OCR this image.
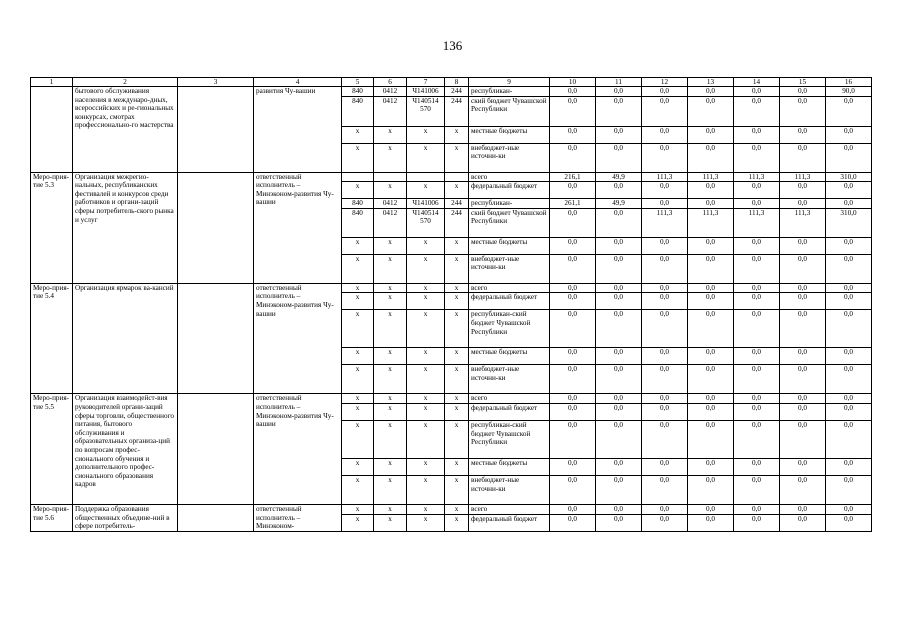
136
1	2	3	4	5	6	7	8	9	10	11	12	13	14	15	16
	бытового обслуживания населения в междунаро-дных, всероссийских и ре-гиональных конкурсах, смотрах профессионально-го мастерства		развития Чу-вашии	840	0412	Ч141006	244	республикан-	0,0	0,0	0,0	0,0	0,0	0,0	90,0
				840	0412	Ч140514 570	244	ский бюджет Чувашской Республики	0,0	0,0	0,0	0,0	0,0	0,0	0,0
				x	x	x	x	местные бюджеты	0,0	0,0	0,0	0,0	0,0	0,0	0,0
				x	x	x	x	внебюджет-ные источни-ки	0,0	0,0	0,0	0,0	0,0	0,0	0,0
Меро-прия-тие 5.3	Организация межрегио-нальных, республиканских фестивалей и конкурсов среди работников и органи-заций сферы потребитель-ского рынка и услуг		ответственный исполнитель – Минэконом-развития Чу-вашии					всего	216,1	49,9	111,3	111,3	111,3	111,3	310,0
				x	x	x	x	федеральный бюджет	0,0	0,0	0,0	0,0	0,0	0,0	0,0
				840	0412	Ч141006	244	республикан-	261,1	49,9	0,0	0,0	0,0	0,0	0,0
				840	0412	Ч140514 570	244	ский бюджет Чувашской Республики	0,0	0,0	111,3	111,3	111,3	111,3	310,0
				x	x	x	x	местные бюджеты	0,0	0,0	0,0	0,0	0,0	0,0	0,0
				x	x	x	x	внебюджет-ные источни-ки	0,0	0,0	0,0	0,0	0,0	0,0	0,0
Меро-прия-тие 5.4	Организация ярмарок ва-кансий		ответственный исполнитель – Минэконом-развития Чу-вашии	x	x	x	x	всего	0,0	0,0	0,0	0,0	0,0	0,0	0,0
				x	x	x	x	федеральный бюджет	0,0	0,0	0,0	0,0	0,0	0,0	0,0
				x	x	x	x	республикан-ский бюджет Чувашской Республики	0,0	0,0	0,0	0,0	0,0	0,0	0,0
				x	x	x	x	местные бюджеты	0,0	0,0	0,0	0,0	0,0	0,0	0,0
				x	x	x	x	внебюджет-ные источни-ки	0,0	0,0	0,0	0,0	0,0	0,0	0,0
Меро-прия-тие 5.5	Организация взаимодейст-вия руководителей органи-заций сферы торговли, общественного питания, бытового обслуживания и образовательных организа-ций по вопросам профес-сионального обучения и дополнительного профес-сионального образования кадров		ответственный исполнитель – Минэконом-развития Чу-вашии	x	x	x	x	всего	0,0	0,0	0,0	0,0	0,0	0,0	0,0
				x	x	x	x	федеральный бюджет	0,0	0,0	0,0	0,0	0,0	0,0	0,0
				x	x	x	x	республикан-ский бюджет Чувашской Республики	0,0	0,0	0,0	0,0	0,0	0,0	0,0
				x	x	x	x	местные бюджеты	0,0	0,0	0,0	0,0	0,0	0,0	0,0
				x	x	x	x	внебюджет-ные источни-ки	0,0	0,0	0,0	0,0	0,0	0,0	0,0
Меро-прия-тие 5.6	Поддержка образования общественных объедине-ний в сфере потребитель-		ответственный исполнитель – Минэконом-	x	x	x	x	всего	0,0	0,0	0,0	0,0	0,0	0,0	0,0
				x	x	x	x	федеральный бюджет	0,0	0,0	0,0	0,0	0,0	0,0	0,0
